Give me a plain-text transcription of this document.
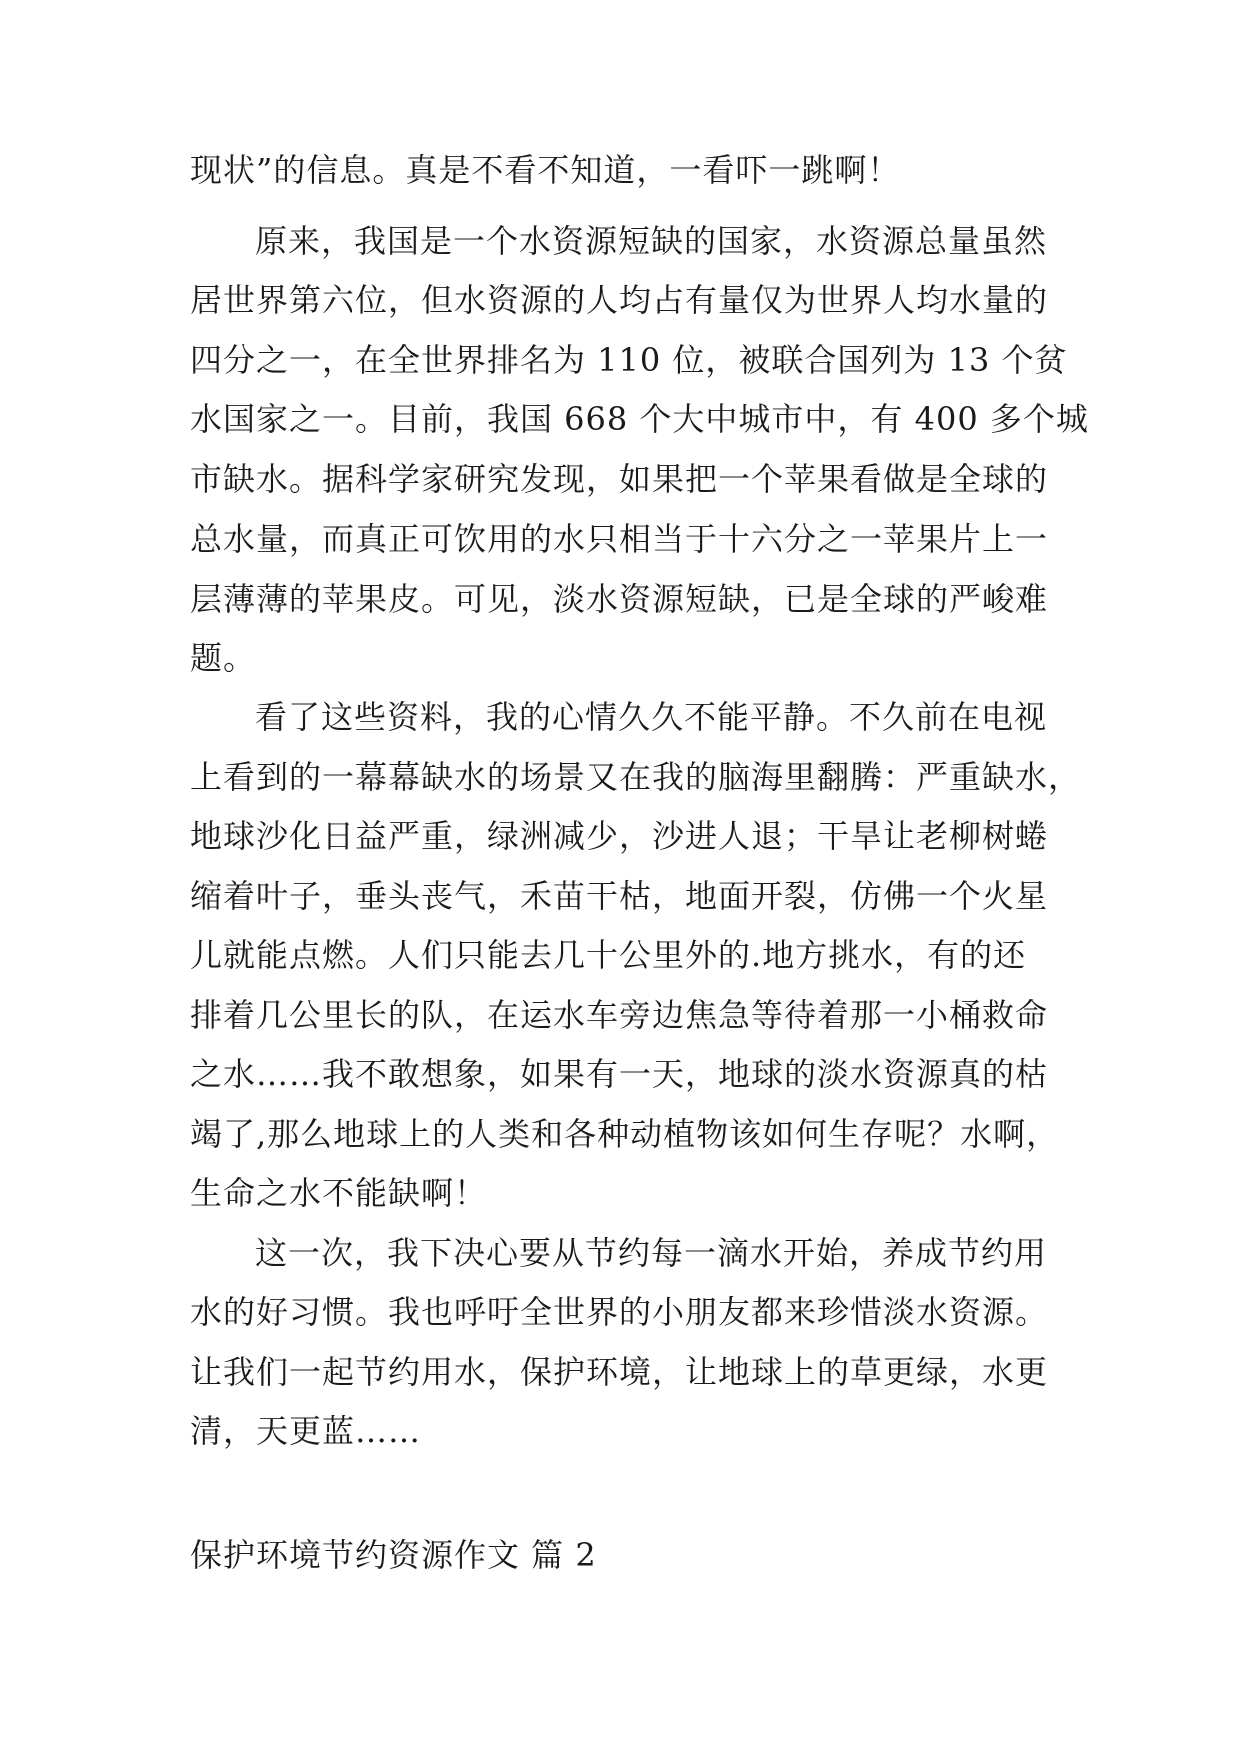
现状”的信息。真是不看不知道，一看吓一跳啊！
原来，我国是一个水资源短缺的国家，水资源总量虽然
居世界第六位，但水资源的人均占有量仅为世界人均水量的
四分之一，在全世界排名为 110 位，被联合国列为 13 个贫
水国家之一。目前，我国 668 个大中城市中，有 400 多个城
市缺水。据科学家研究发现，如果把一个苹果看做是全球的
总水量，而真正可饮用的水只相当于十六分之一苹果片上一
层薄薄的苹果皮。可见，淡水资源短缺，已是全球的严峻难
题。
看了这些资料，我的心情久久不能平静。不久前在电视
上看到的一幕幕缺水的场景又在我的脑海里翻腾：严重缺水，
地球沙化日益严重，绿洲减少，沙进人退；干旱让老柳树蜷
缩着叶子，垂头丧气，禾苗干枯，地面开裂，仿佛一个火星
儿就能点燃。人们只能去几十公里外的.地方挑水，有的还
排着几公里长的队，在运水车旁边焦急等待着那一小桶救命
之水……我不敢想象，如果有一天，地球的淡水资源真的枯
竭了,那么地球上的人类和各种动植物该如何生存呢？水啊，
生命之水不能缺啊！
这一次，我下决心要从节约每一滴水开始，养成节约用
水的好习惯。我也呼吁全世界的小朋友都来珍惜淡水资源。
让我们一起节约用水，保护环境，让地球上的草更绿，水更
清，天更蓝……
保护环境节约资源作文 篇 2
